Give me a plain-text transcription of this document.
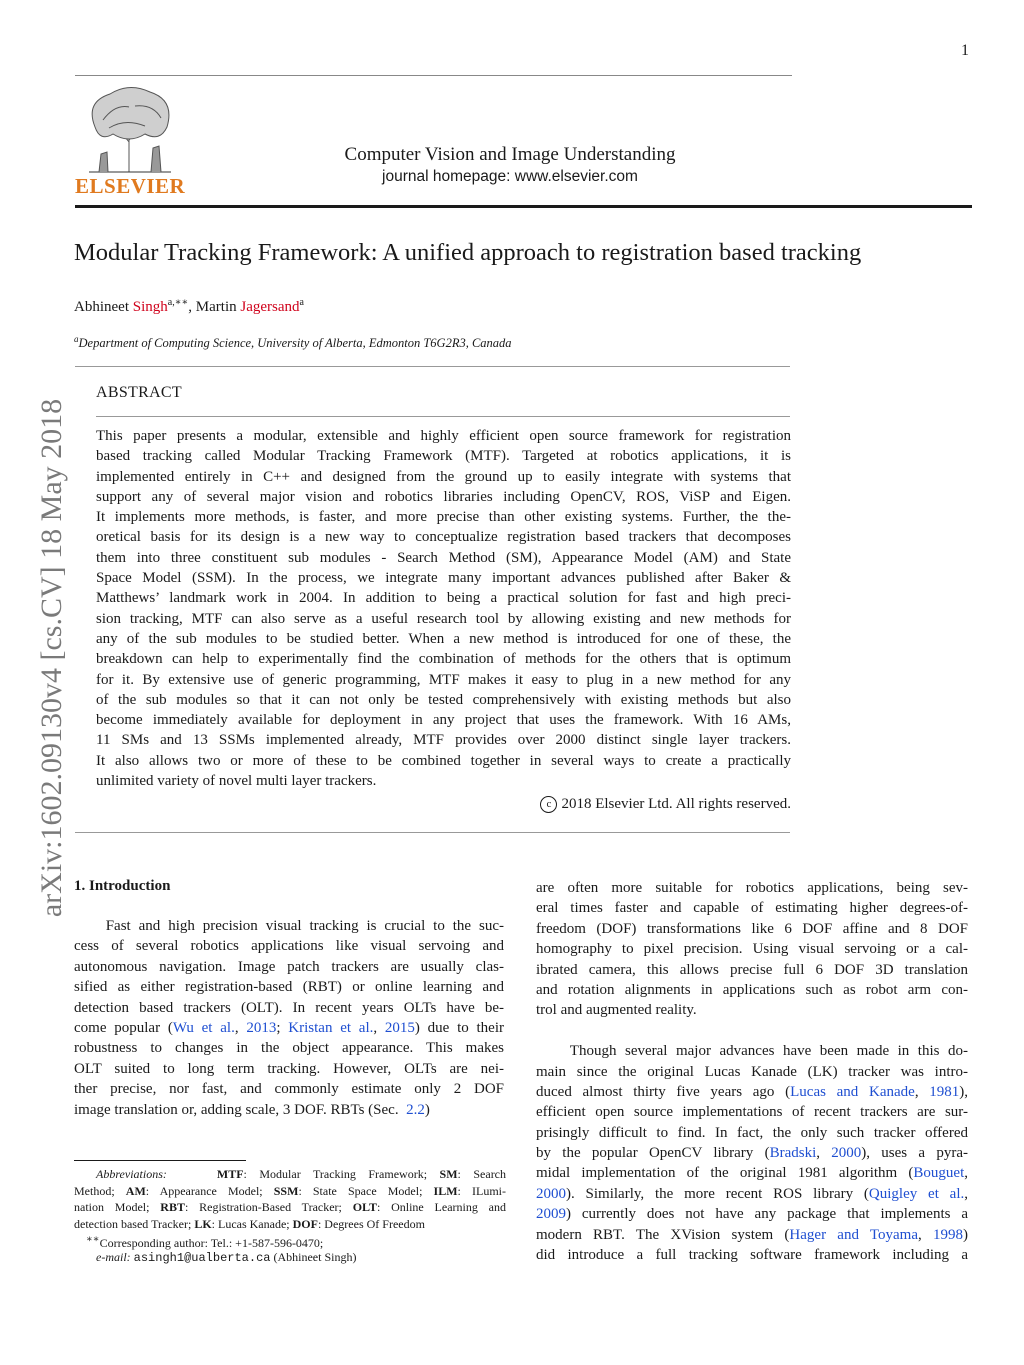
1
ELSEVIER
Computer Vision and Image Understanding
journal homepage: www.elsevier.com
arXiv:1602.09130v4 [cs.CV] 18 May 2018
Modular Tracking Framework: A unified approach to registration based tracking
Abhineet Singh$^{a,∗∗}$, Martin Jagersand$^a$
$^a$Department of Computing Science, University of Alberta, Edmonton T6G2R3, Canada
ABSTRACT
This paper presents a modular, extensible and highly efficient open source framework for registration
based tracking called Modular Tracking Framework (MTF). Targeted at robotics applications, it is
implemented entirely in C++ and designed from the ground up to easily integrate with systems that
support any of several major vision and robotics libraries including OpenCV, ROS, ViSP and Eigen.
It implements more methods, is faster, and more precise than other existing systems. Further, the the-
oretical basis for its design is a new way to conceptualize registration based trackers that decomposes
them into three constituent sub modules - Search Method (SM), Appearance Model (AM) and State
Space Model (SSM). In the process, we integrate many important advances published after Baker &
Matthews’ landmark work in 2004. In addition to being a practical solution for fast and high preci-
sion tracking, MTF can also serve as a useful research tool by allowing existing and new methods for
any of the sub modules to be studied better. When a new method is introduced for one of these, the
breakdown can help to experimentally find the combination of methods for the others that is optimum
for it. By extensive use of generic programming, MTF makes it easy to plug in a new method for any
of the sub modules so that it can not only be tested comprehensively with existing methods but also
become immediately available for deployment in any project that uses the framework. With 16 AMs,
11 SMs and 13 SSMs implemented already, MTF provides over 2000 distinct single layer trackers.
It also allows two or more of these to be combined together in several ways to create a practically
unlimited variety of novel multi layer trackers.
c 2018 Elsevier Ltd. All rights reserved.
1. Introduction
Fast and high precision visual tracking is crucial to the suc-
cess of several robotics applications like visual servoing and
autonomous navigation. Image patch trackers are usually clas-
sified as either registration-based (RBT) or online learning and
detection based trackers (OLT). In recent years OLTs have be-
come popular (Wu et al., 2013; Kristan et al., 2015) due to their
robustness to changes in the object appearance. This makes
OLT suited to long term tracking. However, OLTs are nei-
ther precise, nor fast, and commonly estimate only 2 DOF
image translation or, adding scale, 3 DOF. RBTs (Sec.  2.2)
are often more suitable for robotics applications, being sev-
eral times faster and capable of estimating higher degrees-of-
freedom (DOF) transformations like 6 DOF affine and 8 DOF
homography to pixel precision. Using visual servoing or a cal-
ibrated camera, this allows precise full 6 DOF 3D translation
and rotation alignments in applications such as robot arm con-
trol and augmented reality.
Though several major advances have been made in this do-
main since the original Lucas Kanade (LK) tracker was intro-
duced almost thirty five years ago (Lucas and Kanade, 1981),
efficient open source implementations of recent trackers are sur-
prisingly difficult to find. In fact, the only such tracker offered
by the popular OpenCV library (Bradski, 2000), uses a pyra-
midal implementation of the original 1981 algorithm (Bouguet,
2000). Similarly, the more recent ROS library (Quigley et al.,
2009) currently does not have any package that implements a
modern RBT. The XVision system (Hager and Toyama, 1998)
did introduce a full tracking software framework including a
Abbreviations:	MTF: Modular Tracking Framework; SM: Search
Method; AM: Appearance Model; SSM: State Space Model; ILM: ILumi-
nation Model; RBT: Registration-Based Tracker; OLT: Online Learning and
detection based Tracker; LK: Lucas Kanade; DOF: Degrees Of Freedom
∗∗Corresponding author: Tel.: +1-587-596-0470;
e-mail: asingh1@ualberta.ca (Abhineet Singh)
